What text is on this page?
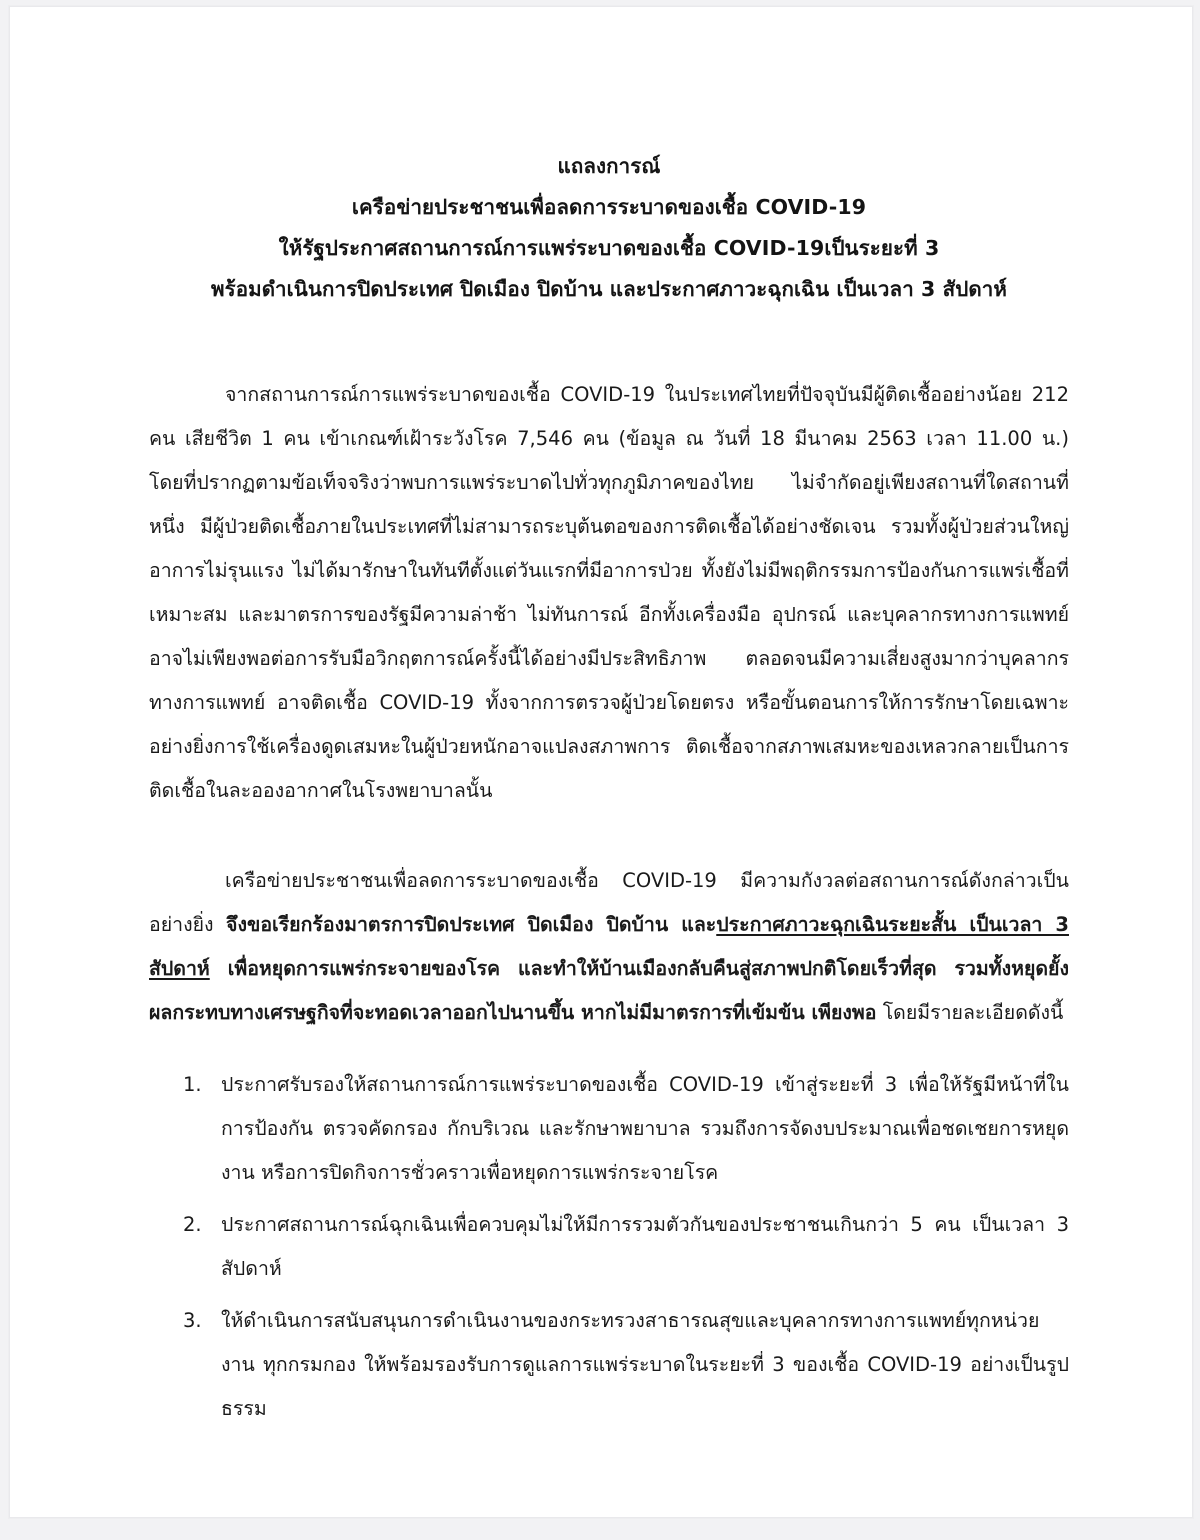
แถลงการณ์
เครือข่ายประชาชนเพื่อลดการระบาดของเชื้อ COVID-19
ให้รัฐประกาศสถานการณ์การแพร่ระบาดของเชื้อ COVID-19เป็นระยะที่ 3
พร้อมดำเนินการปิดประเทศ ปิดเมือง ปิดบ้าน และประกาศภาวะฉุกเฉิน เป็นเวลา 3 สัปดาห์

จากสถานการณ์การแพร่ระบาดของเชื้อ COVID-19 ในประเทศไทยที่ปัจจุบันมีผู้ติดเชื้ออย่างน้อย 212 คน เสียชีวิต 1 คน เข้าเกณฑ์เฝ้าระวังโรค 7,546 คน (ข้อมูล ณ วันที่ 18 มีนาคม 2563 เวลา 11.00 น.) โดยที่ปรากฏตามข้อเท็จจริงว่าพบการแพร่ระบาดไปทั่วทุกภูมิภาคของไทย ไม่จำกัดอยู่เพียงสถานที่ใดสถานที่หนึ่ง มีผู้ป่วยติดเชื้อภายในประเทศที่ไม่สามารถระบุต้นตอของการติดเชื้อได้อย่างชัดเจน รวมทั้งผู้ป่วยส่วนใหญ่อาการไม่รุนแรง ไม่ได้มารักษาในทันทีตั้งแต่วันแรกที่มีอาการป่วย ทั้งยังไม่มีพฤติกรรมการป้องกันการแพร่เชื้อที่เหมาะสม และมาตรการของรัฐมีความล่าช้า ไม่ทันการณ์ อีกทั้งเครื่องมือ อุปกรณ์ และบุคลากรทางการแพทย์อาจไม่เพียงพอต่อการรับมือวิกฤตการณ์ครั้งนี้ได้อย่างมีประสิทธิภาพ ตลอดจนมีความเสี่ยงสูงมากว่าบุคลากรทางการแพทย์ อาจติดเชื้อ COVID-19 ทั้งจากการตรวจผู้ป่วยโดยตรง หรือขั้นตอนการให้การรักษาโดยเฉพาะอย่างยิ่งการใช้เครื่องดูดเสมหะในผู้ป่วยหนักอาจแปลงสภาพการ ติดเชื้อจากสภาพเสมหะของเหลวกลายเป็นการติดเชื้อในละอองอากาศในโรงพยาบาลนั้น

เครือข่ายประชาชนเพื่อลดการระบาดของเชื้อ COVID-19 มีความกังวลต่อสถานการณ์ดังกล่าวเป็นอย่างยิ่ง จึงขอเรียกร้องมาตรการปิดประเทศ ปิดเมือง ปิดบ้าน และประกาศภาวะฉุกเฉินระยะสั้น เป็นเวลา 3 สัปดาห์ เพื่อหยุดการแพร่กระจายของโรค และทำให้บ้านเมืองกลับคืนสู่สภาพปกติโดยเร็วที่สุด รวมทั้งหยุดยั้งผลกระทบทางเศรษฐกิจที่จะทอดเวลาออกไปนานขึ้น หากไม่มีมาตรการที่เข้มข้น เพียงพอ โดยมีรายละเอียดดังนี้

1. ประกาศรับรองให้สถานการณ์การแพร่ระบาดของเชื้อ COVID-19 เข้าสู่ระยะที่ 3 เพื่อให้รัฐมีหน้าที่ในการป้องกัน ตรวจคัดกรอง กักบริเวณ และรักษาพยาบาล รวมถึงการจัดงบประมาณเพื่อชดเชยการหยุดงาน หรือการปิดกิจการชั่วคราวเพื่อหยุดการแพร่กระจายโรค
2. ประกาศสถานการณ์ฉุกเฉินเพื่อควบคุมไม่ให้มีการรวมตัวกันของประชาชนเกินกว่า 5 คน เป็นเวลา 3 สัปดาห์
3. ให้ดำเนินการสนับสนุนการดำเนินงานของกระทรวงสาธารณสุขและบุคลากรทางการแพทย์ทุกหน่วยงาน ทุกกรมกอง ให้พร้อมรองรับการดูแลการแพร่ระบาดในระยะที่ 3 ของเชื้อ COVID-19 อย่างเป็นรูปธรรม
